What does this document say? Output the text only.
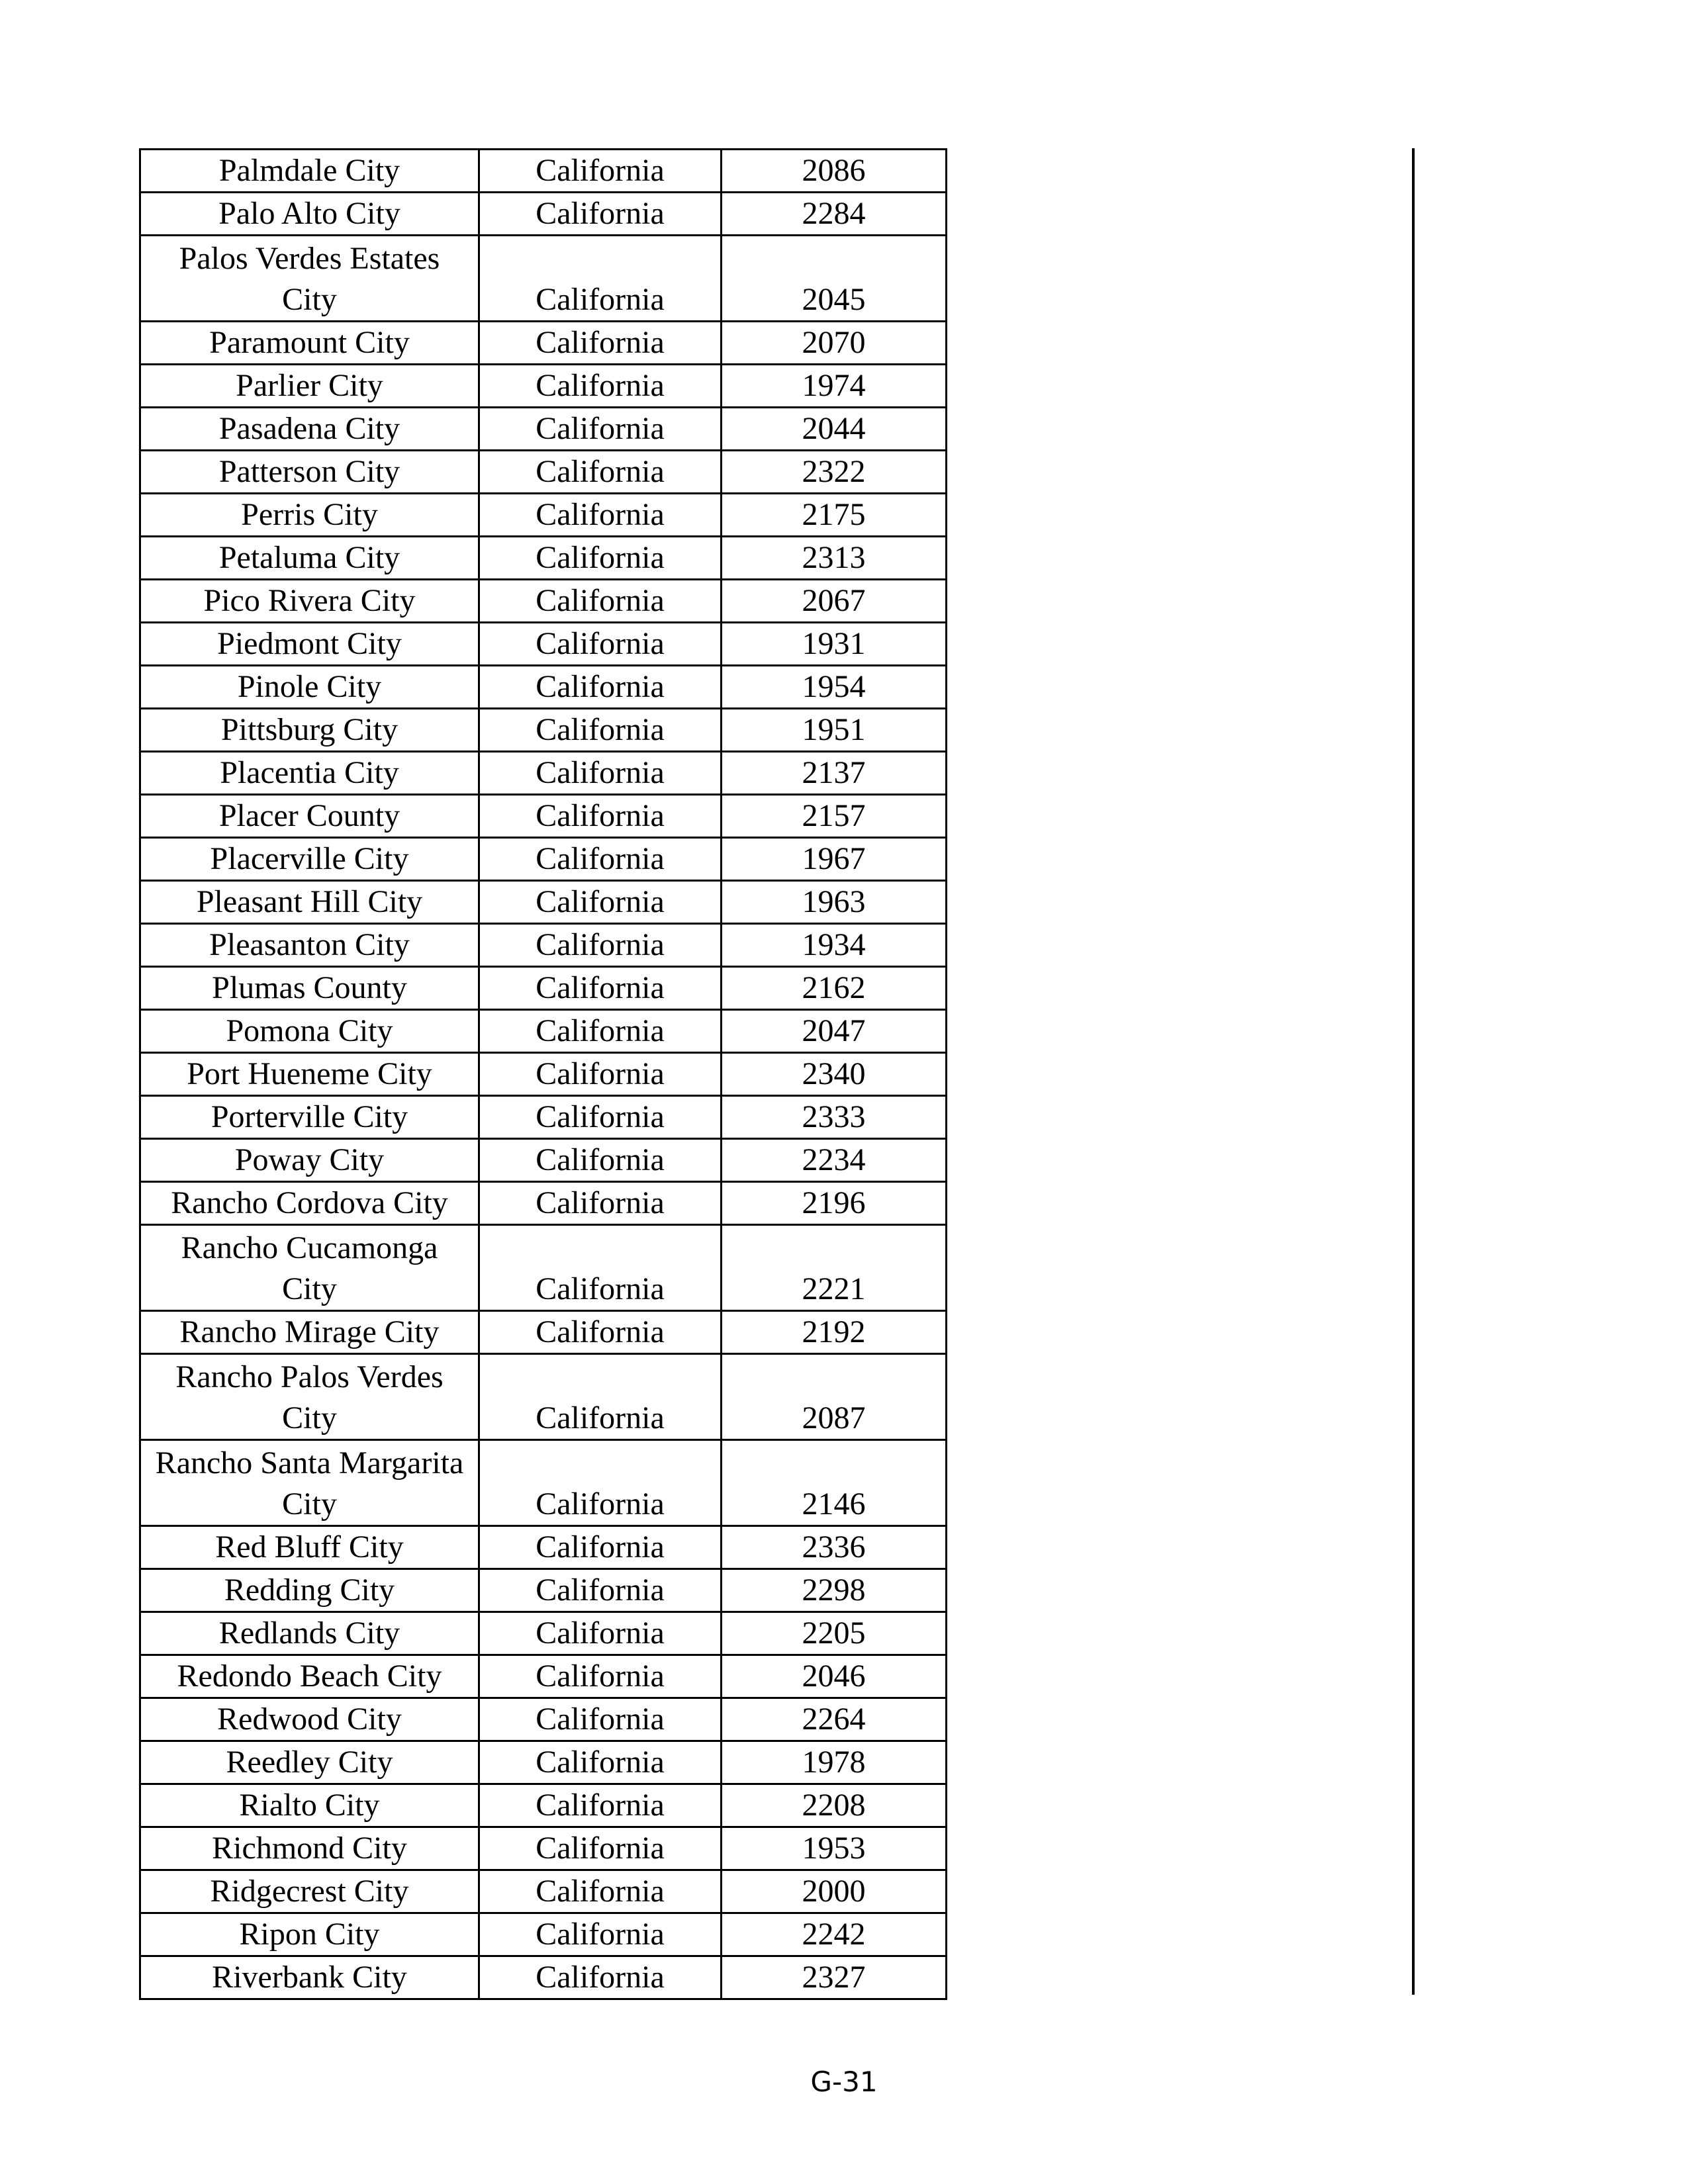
Palmdale City	California	2086
Palo Alto City	California	2284
Palos Verdes Estates
City	California	2045
Paramount City	California	2070
Parlier City	California	1974
Pasadena City	California	2044
Patterson City	California	2322
Perris City	California	2175
Petaluma City	California	2313
Pico Rivera City	California	2067
Piedmont City	California	1931
Pinole City	California	1954
Pittsburg City	California	1951
Placentia City	California	2137
Placer County	California	2157
Placerville City	California	1967
Pleasant Hill City	California	1963
Pleasanton City	California	1934
Plumas County	California	2162
Pomona City	California	2047
Port Hueneme City	California	2340
Porterville City	California	2333
Poway City	California	2234
Rancho Cordova City	California	2196
Rancho Cucamonga
City	California	2221
Rancho Mirage City	California	2192
Rancho Palos Verdes
City	California	2087
Rancho Santa Margarita
City	California	2146
Red Bluff City	California	2336
Redding City	California	2298
Redlands City	California	2205
Redondo Beach City	California	2046
Redwood City	California	2264
Reedley City	California	1978
Rialto City	California	2208
Richmond City	California	1953
Ridgecrest City	California	2000
Ripon City	California	2242
Riverbank City	California	2327
G-31
